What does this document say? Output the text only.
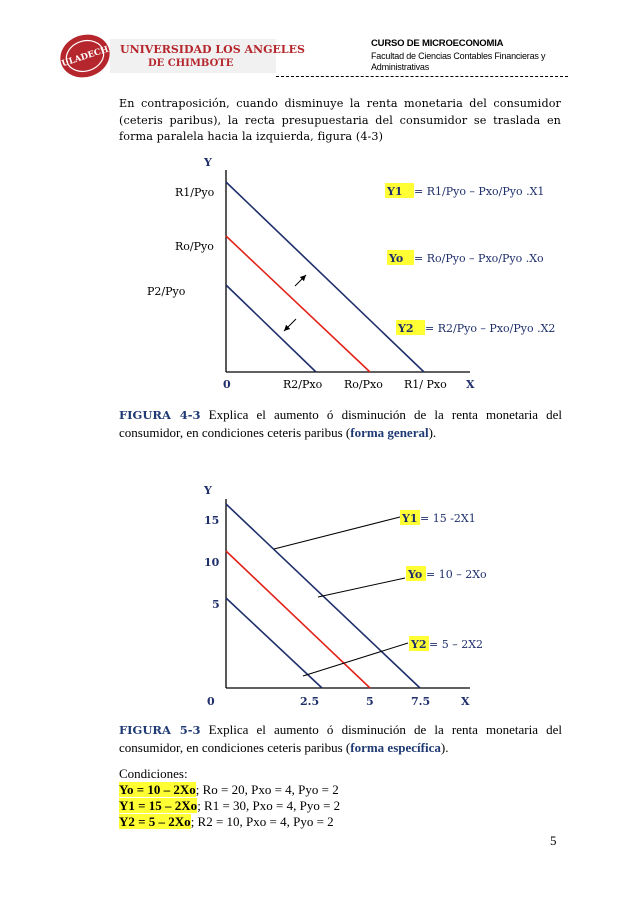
ULADECH UNIVERSIDAD LOS ANGELES
DE CHIMBOTE
CURSO DE MICROECONOMIA
Facultad de Ciencias Contables Financieras y Administrativas
En contraposición, cuando disminuye la renta monetaria del consumidor (ceteris paribus), la recta presupuestaria del consumidor se traslada en forma paralela hacia la izquierda, figura (4-3)
Y
X
0
R1/Pyo
Ro/Pyo
P2/Pyo
R2/Pxo Ro/Pxo R1/ Pxo
Y1 = R1/Pyo – Pxo/Pyo .X1
Yo = Ro/Pyo – Pxo/Pyo .Xo
Y2 = R2/Pyo – Pxo/Pyo .X2
Y
X
0
15
10
5
2.5	5	7.5
Y1 = 15 -2X1
Yo = 10 – 2Xo
Y2 = 5 – 2X2
FIGURA 4-3 Explica el aumento ó disminución de la renta monetaria del consumidor, en condiciones ceteris paribus (forma general).
FIGURA 5-3 Explica el aumento ó disminución de la renta monetaria del consumidor, en condiciones ceteris paribus (forma específica).
Condiciones:
Yo = 10 – 2Xo; Ro = 20, Pxo = 4, Pyo = 2
Y1 = 15 – 2Xo; R1 = 30, Pxo = 4, Pyo = 2
Y2 = 5 – 2Xo; R2 = 10, Pxo = 4, Pyo = 2
5
